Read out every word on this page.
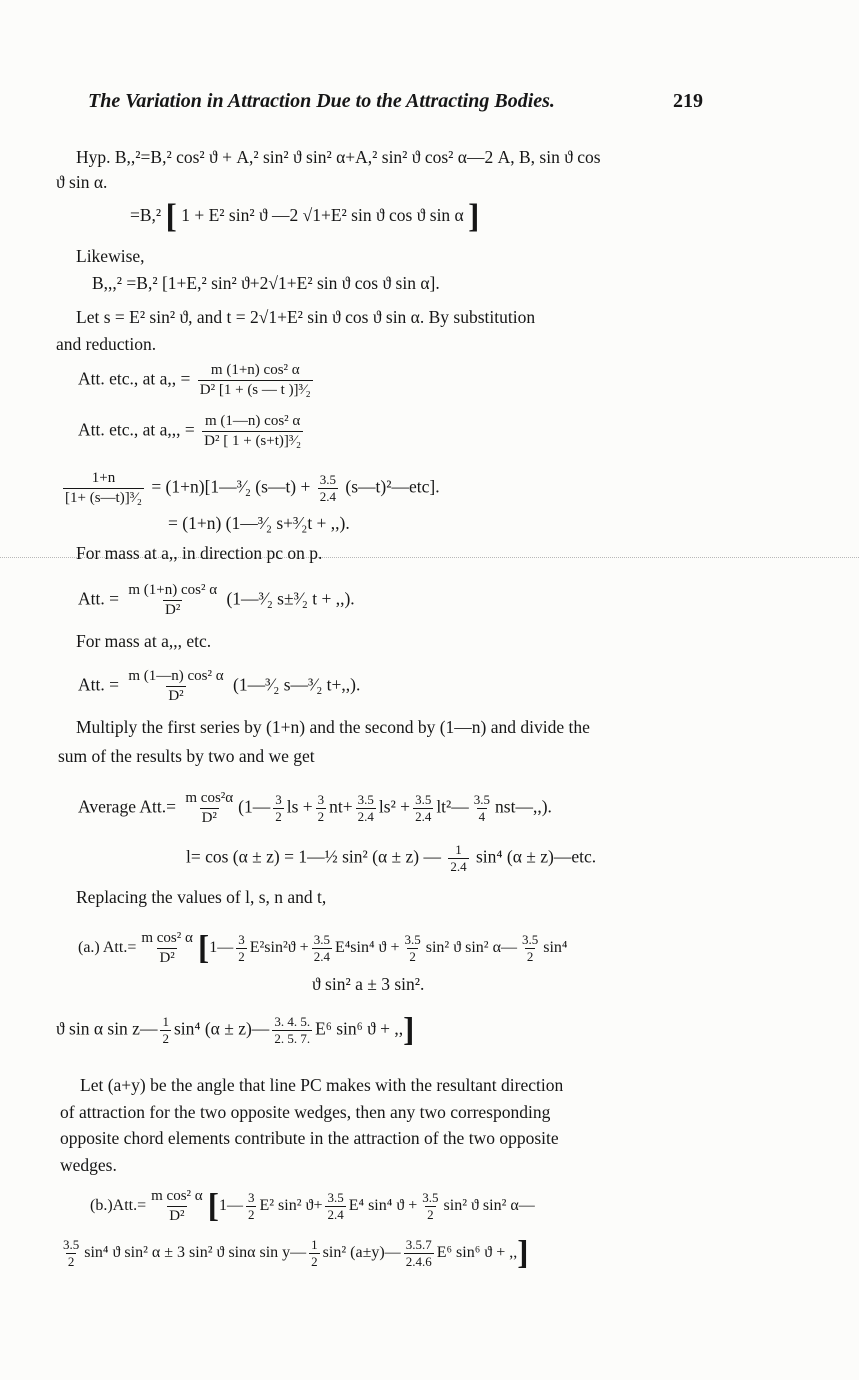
The Variation in Attraction Due to the Attracting Bodies.	219
Hyp. B,,²=B,² cos² ϑ + A,² sin² ϑ sin² α+A,² sin² ϑ cos² α—2 A, B, sin ϑ cos
ϑ sin α.
=B,² [ 1 + E² sin² ϑ —2 √1+E² sin ϑ cos ϑ sin α ]
Likewise,
B,,,² =B,² [1+E,² sin² ϑ+2√1+E² sin ϑ cos ϑ sin α].
Let s = E² sin² ϑ, and t = 2√1+E² sin ϑ cos ϑ sin α. By substitution
and reduction.
Att. etc., at a,, = $\frac{\text{m (1+n) cos² α}}{\text{D² [1 + (s — t )]³⁄₂}}$
Att. etc., at a,,, = $\frac{\text{m (1—n) cos² α}}{\text{D² [ 1 + (s+t)]³⁄₂}}$
$\frac{1+n}{\text{[1+ (s—t)]³⁄₂}}$ = (1+n)[1—³⁄₂ (s—t) + $\frac{3.5}{2.4}$ (s—t)²—etc].
= (1+n) (1—³⁄₂ s+³⁄₂t + ,,).
For mass at a,, in direction pc on p.
Att. = $\frac{\text{m (1+n) cos² α}}{\text{D²}}$ (1—³⁄₂ s±³⁄₂ t + ,,).
For mass at a,,, etc.
Att. = $\frac{\text{m (1—n) cos² α}}{\text{D²}}$ (1—³⁄₂ s—³⁄₂ t+,,).
Multiply the first series by (1+n) and the second by (1—n) and divide the
sum of the results by two and we get
Average $Att.= \frac{\text{m cos²α}}{\text{D²}}$ (1— $\frac{3}{2}$ ls + $\frac{3}{2} nt+ \frac{3.5}{2.4} ls^2 + \frac{3.5}{2.4}$ lt²— $\frac{3.5}{4}$ nst—,,).
l= cos (α ± z) = 1—½ sin² (α ± z) — $\frac{1}{2.4} \sin^4$ (α ± z)—etc.
Replacing the values of l, s, n and t,
(a.) $Att.= \frac{\text{m cos² α}}{\text{D²}}$ [1— $\frac{3}{2} E^2\sin^2ϑ + \frac{3.5}{2.4} E^4\sin^4$ $ϑ + \frac{3.5}{2} \sin^2$ ϑ sin² α— $\frac{3.5}{2} \sin^4$
ϑ sin² a ± 3 sin².
ϑ sin α sin z— $\frac{1}{2} \sin^4$ (α ± z)— $\frac{3. 4. 5.}{2. 5. 7.} E^6$ sin⁶ ϑ + ,,]
Let (a+y) be the angle that line PC makes with the resultant direction
of attraction for the two opposite wedges, then any two corresponding
opposite chord elements contribute in the attraction of the two opposite
wedges.
$(b.)Att.= \frac{\text{m cos² α}}{\text{D²}}$ [1— $\frac{3}{2} E^2$ sin² $ϑ+ \frac{3.5}{2.4} E^4$ sin⁴ $ϑ + \frac{3.5}{2} \sin^2$ ϑ sin² α—
$\frac{3.5}{2} \sin^4$ ϑ sin² α ± 3 sin² ϑ sinα sin y— $\frac{1}{2} \sin^2$ (a±y)— $\frac{3.5.7}{2.4.6} E^6$ sin⁶ ϑ + ,,]
